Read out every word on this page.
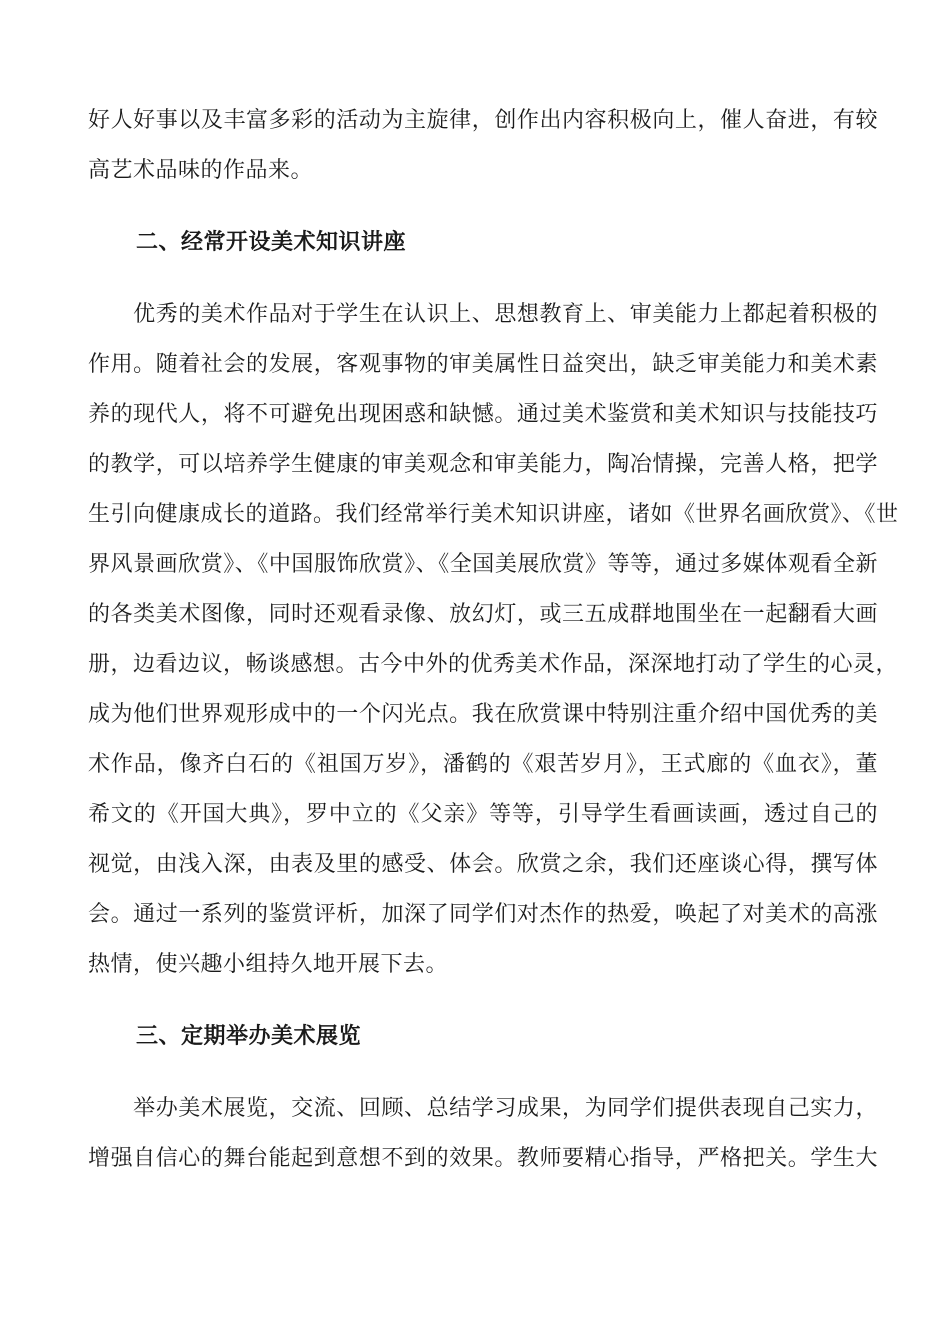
好人好事以及丰富多彩的活动为主旋律，创作出内容积极向上，催人奋进，有较
高艺术品味的作品来。
二、经常开设美术知识讲座
　　优秀的美术作品对于学生在认识上、思想教育上、审美能力上都起着积极的
作用。随着社会的发展，客观事物的审美属性日益突出，缺乏审美能力和美术素
养的现代人，将不可避免出现困惑和缺憾。通过美术鉴赏和美术知识与技能技巧
的教学，可以培养学生健康的审美观念和审美能力，陶冶情操，完善人格，把学
生引向健康成长的道路。我们经常举行美术知识讲座，诸如《世界名画欣赏》、《世
界风景画欣赏》、《中国服饰欣赏》、《全国美展欣赏》等等，通过多媒体观看全新
的各类美术图像，同时还观看录像、放幻灯，或三五成群地围坐在一起翻看大画
册，边看边议，畅谈感想。古今中外的优秀美术作品，深深地打动了学生的心灵，
成为他们世界观形成中的一个闪光点。我在欣赏课中特别注重介绍中国优秀的美
术作品，像齐白石的《祖国万岁》，潘鹤的《艰苦岁月》，王式廊的《血衣》，董
希文的《开国大典》，罗中立的《父亲》等等，引导学生看画读画，透过自己的
视觉，由浅入深，由表及里的感受、体会。欣赏之余，我们还座谈心得，撰写体
会。通过一系列的鉴赏评析，加深了同学们对杰作的热爱，唤起了对美术的高涨
热情，使兴趣小组持久地开展下去。
三、定期举办美术展览
　　举办美术展览，交流、回顾、总结学习成果，为同学们提供表现自己实力，
增强自信心的舞台能起到意想不到的效果。教师要精心指导，严格把关。学生大
